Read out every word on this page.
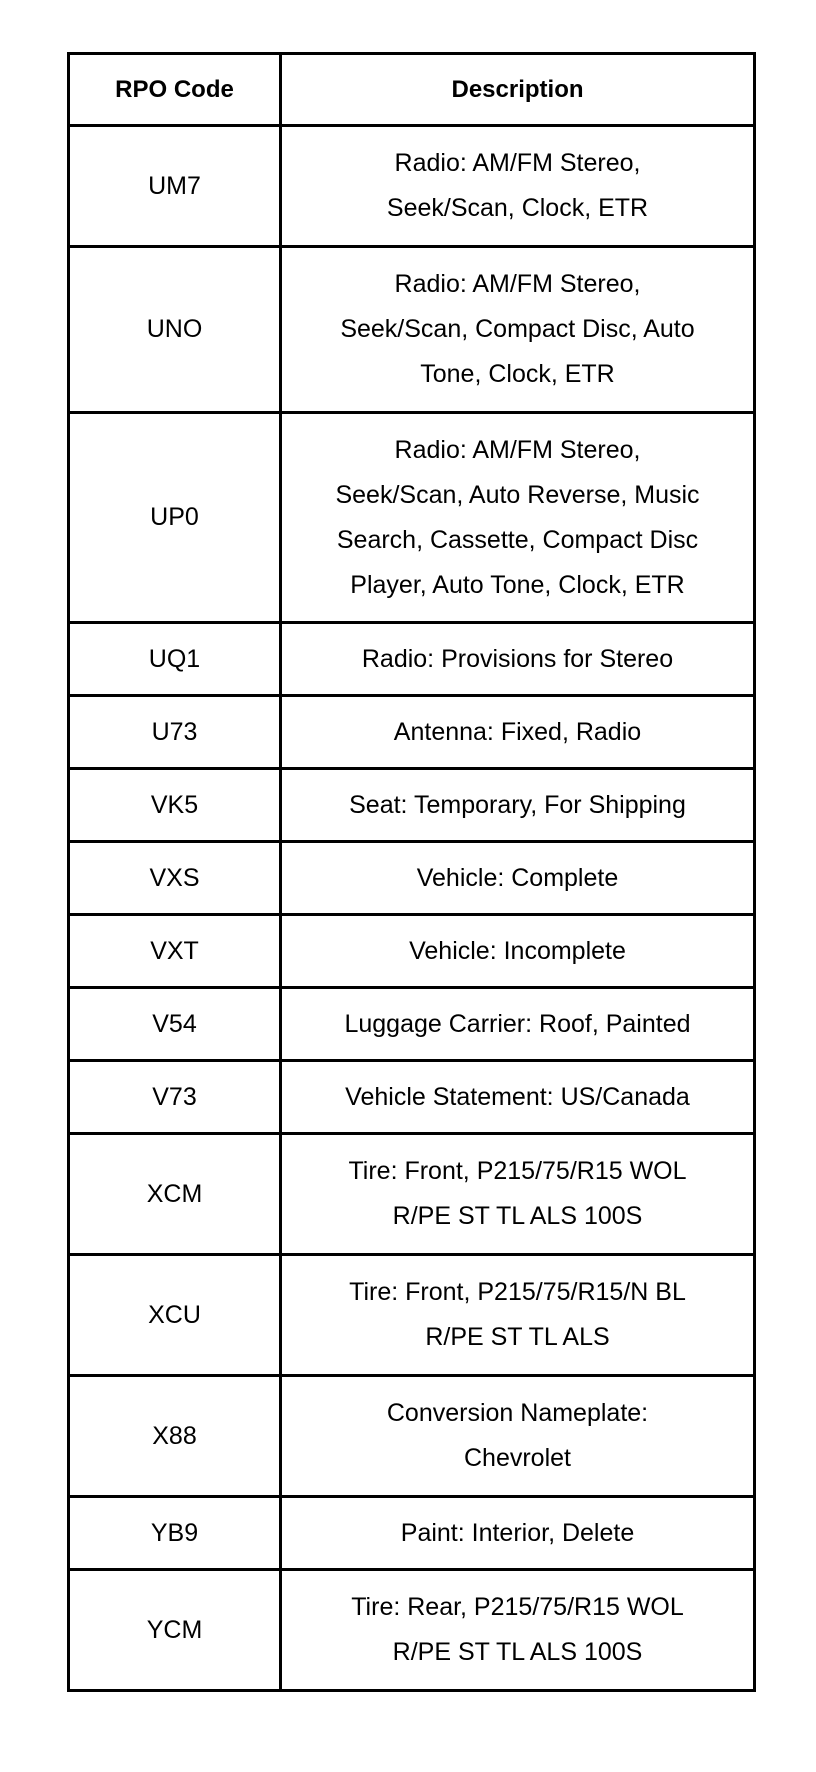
RPO Code	Description
UM7	Radio: AM/FM Stereo,
Seek/Scan, Clock, ETR
UNO	Radio: AM/FM Stereo,
Seek/Scan, Compact Disc, Auto
Tone, Clock, ETR
UP0	Radio: AM/FM Stereo,
Seek/Scan, Auto Reverse, Music
Search, Cassette, Compact Disc
Player, Auto Tone, Clock, ETR
UQ1	Radio: Provisions for Stereo
U73	Antenna: Fixed, Radio
VK5	Seat: Temporary, For Shipping
VXS	Vehicle: Complete
VXT	Vehicle: Incomplete
V54	Luggage Carrier: Roof, Painted
V73	Vehicle Statement: US/Canada
XCM	Tire: Front, P215/75/R15 WOL
R/PE ST TL ALS 100S
XCU	Tire: Front, P215/75/R15/N BL
R/PE ST TL ALS
X88	Conversion Nameplate:
Chevrolet
YB9	Paint: Interior, Delete
YCM	Tire: Rear, P215/75/R15 WOL
R/PE ST TL ALS 100S
